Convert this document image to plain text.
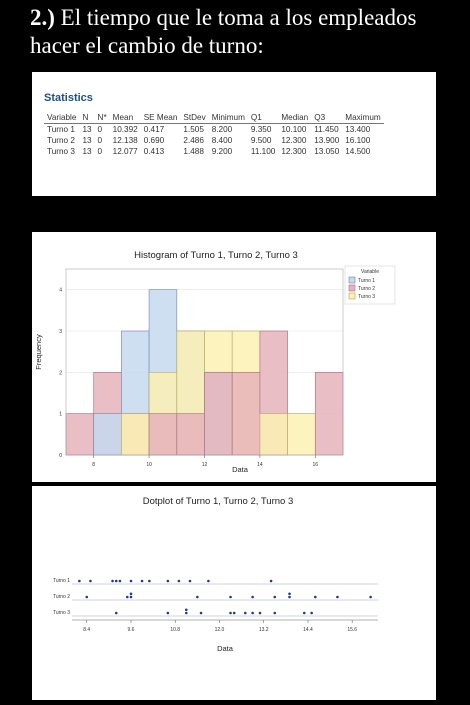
2.) El tiempo que le toma a los empleados hacer el cambio de turno:
Statistics
Variable	N	N*	Mean	SE Mean	StDev	Minimum	Q1	Median	Q3	Maximum
Turno 1	13	0	10.392	0.417	1.505	8.200	9.350	10.100	11.450	13.400
Turno 2	13	0	12.138	0.690	2.486	8.400	9.500	12.300	13.900	16.100
Turno 3	13	0	12.077	0.413	1.488	9.200	11.100	12.300	13.050	14.500
Histogram of Turno 1, Turno 2, Turno 3
Data
Frequency
0
1
2
3
4
8	10	12	14	16
Variable
Turno 1
Turno 2
Turno 3
Dotplot of Turno 1, Turno 2, Turno 3
Data
Turno 1
Turno 2
Turno 3
8.4	9.6	10.8	12.0	13.2	14.4	15.6
